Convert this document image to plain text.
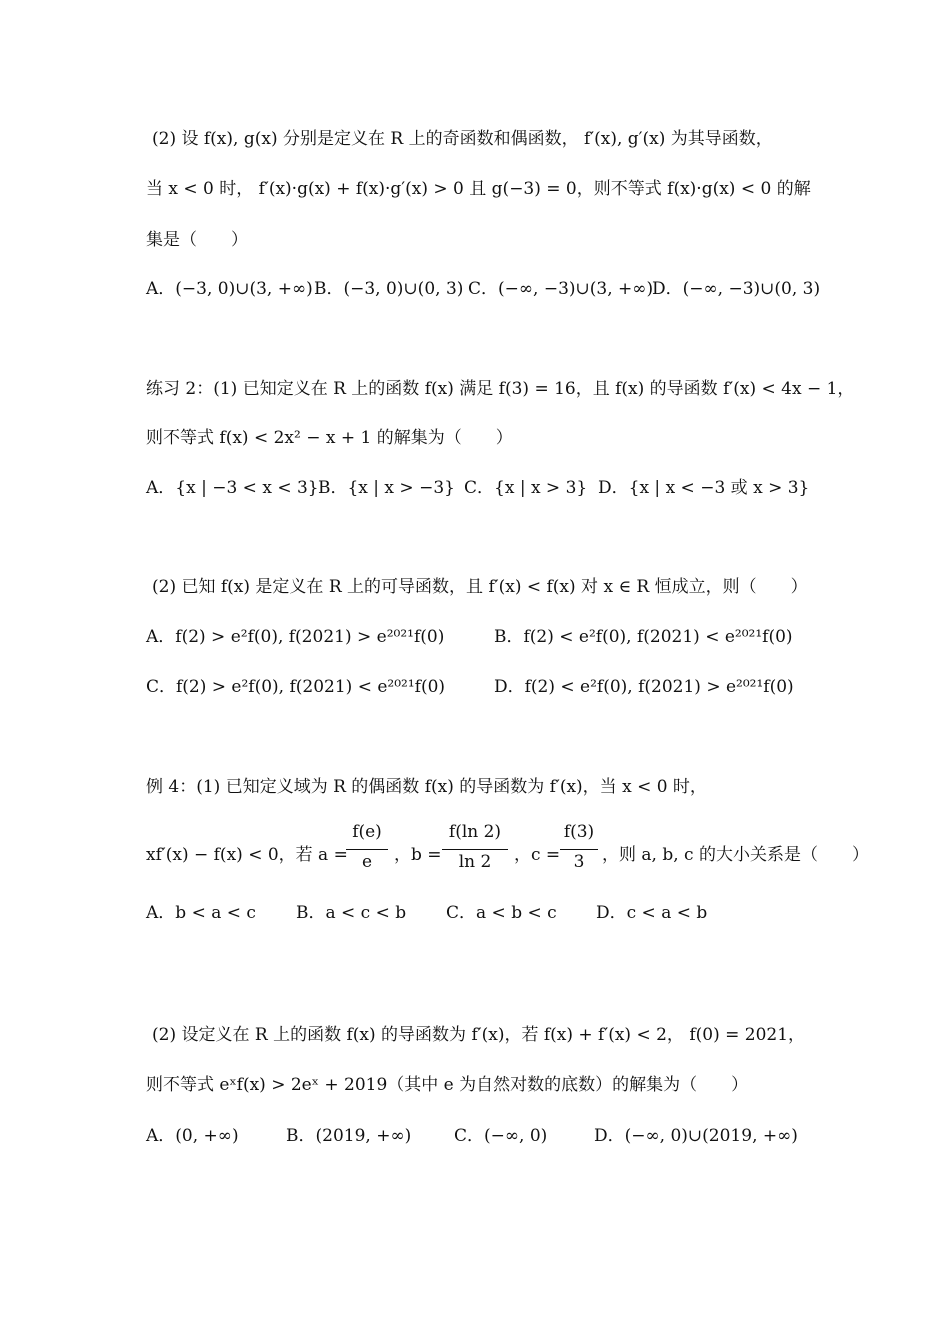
(2) 设 f(x), g(x) 分别是定义在 R 上的奇函数和偶函数， f′(x), g′(x) 为其导函数，
当 x < 0 时， f′(x)·g(x) + f(x)·g′(x) > 0 且 g(−3) = 0，则不等式 f(x)·g(x) < 0 的解
集是（　　）
A．(−3, 0)∪(3, +∞) B．(−3, 0)∪(0, 3) C．(−∞, −3)∪(3, +∞)
D．(−∞, −3)∪(0, 3)
练习 2：(1) 已知定义在 R 上的函数 f(x) 满足 f(3) = 16，且 f(x) 的导函数 f′(x) < 4x − 1，
则不等式 f(x) < 2x² − x + 1 的解集为（　　）
A．{x | −3 < x < 3} B．{x | x > −3} C．{x | x > 3} D．{x | x < −3 或 x > 3}
(2) 已知 f(x) 是定义在 R 上的可导函数，且 f′(x) < f(x) 对 x ∈ R 恒成立，则（　　）
A．f(2) > e²f(0), f(2021) > e²⁰²¹f(0)	B．f(2) < e²f(0), f(2021) < e²⁰²¹f(0)
C．f(2) > e²f(0), f(2021) < e²⁰²¹f(0)	D．f(2) < e²f(0), f(2021) > e²⁰²¹f(0)
例 4：(1) 已知定义域为 R 的偶函数 f(x) 的导函数为 f′(x)，当 x < 0 时，
xf′(x) − f(x) < 0，若 a =
f(e)
e	，b =
f(ln 2)
ln 2	，c =
f(3)
3	，则 a, b, c 的大小关系是（　　）
A．b < a < c B．a < c < b C．a < b < c D．c < a < b
(2) 设定义在 R 上的函数 f(x) 的导函数为 f′(x)，若 f(x) + f′(x) < 2， f(0) = 2021，
则不等式 eˣf(x) > 2eˣ + 2019（其中 e 为自然对数的底数）的解集为（　　）
A．(0, +∞)	B．(2019, +∞)	C．(−∞, 0)	D．(−∞, 0)∪(2019, +∞)
